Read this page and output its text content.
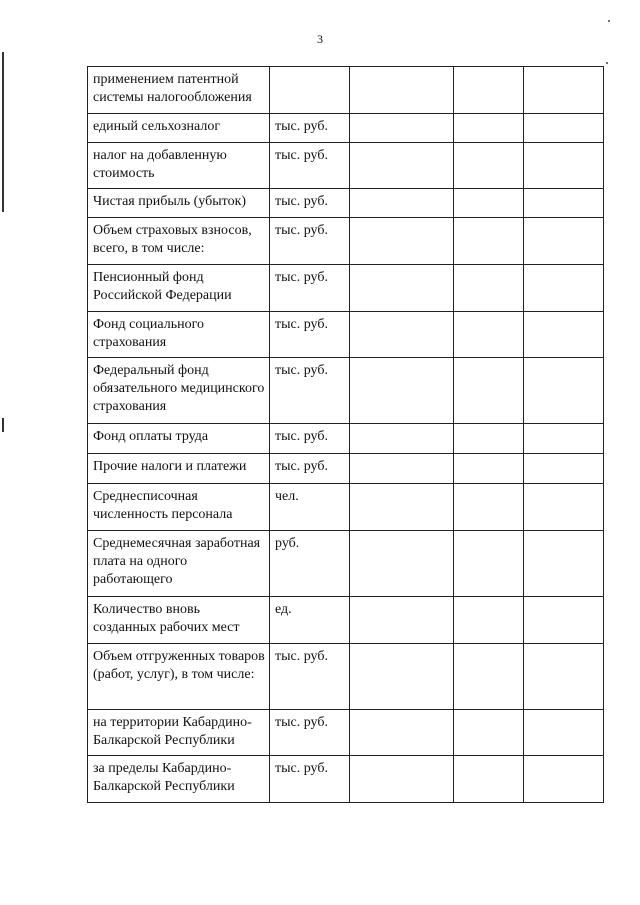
3
применением патентной системы налогообложения				
единый сельхозналог	тыс. руб.			
налог на добавленную стоимость	тыс. руб.			
Чистая прибыль (убыток)	тыс. руб.			
Объем страховых взносов, всего, в том числе:	тыс. руб.			
Пенсионный фонд Российской Федерации	тыс. руб.			
Фонд социального страхования	тыс. руб.			
Федеральный фонд обязательного медицинского страхования	тыс. руб.			
Фонд оплаты труда	тыс. руб.			
Прочие налоги и платежи	тыс. руб.			
Среднесписочная численность персонала	чел.			
Среднемесячная заработная плата на одного работающего	руб.			
Количество вновь созданных рабочих мест	ед.			
Объем отгруженных товаров (работ, услуг), в том числе:	тыс. руб.			
на территории Кабардино-Балкарской Республики	тыс. руб.			
за пределы Кабардино-Балкарской Республики	тыс. руб.			
